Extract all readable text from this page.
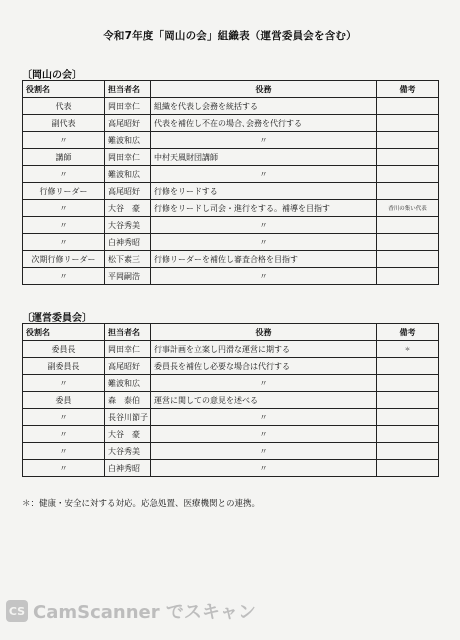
令和7年度「岡山の会」組織表（運営委員会を含む）
〔岡山の会〕
役割名	担当者名	役務	備考
代表	岡田幸仁	組織を代表し会務を統括する	
副代表	高尾昭好	代表を補佐し不在の場合､会務を代行する	
〃	難波和広	〃	
講師	岡田幸仁	中村天風財団講師	
〃	難波和広	〃	
行修リーダー	高尾昭好	行修をリードする	
〃	大谷　豪	行修をリードし司会・進行をする。補導を目指す	香川の集い代表
〃	大谷秀美	〃	
〃	白神秀昭	〃	
次期行修リーダー	松下素三	行修リーダーを補佐し審査合格を目指す	
〃	平岡嗣浩	〃	
〔運営委員会〕
役割名	担当者名	役務	備考
委員長	岡田幸仁	行事計画を立案し円滑な運営に期する	＊
副委員長	高尾昭好	委員長を補佐し必要な場合は代行する	
〃	難波和広	〃	
委員	森　泰伯	運営に関しての意見を述べる	
〃	長谷川節子	〃	
〃	大谷　豪	〃	
〃	大谷秀美	〃	
〃	白神秀昭	〃	
＊：健康・安全に対する対応。応急処置、医療機関との連携。
CS CamScanner でスキャン
